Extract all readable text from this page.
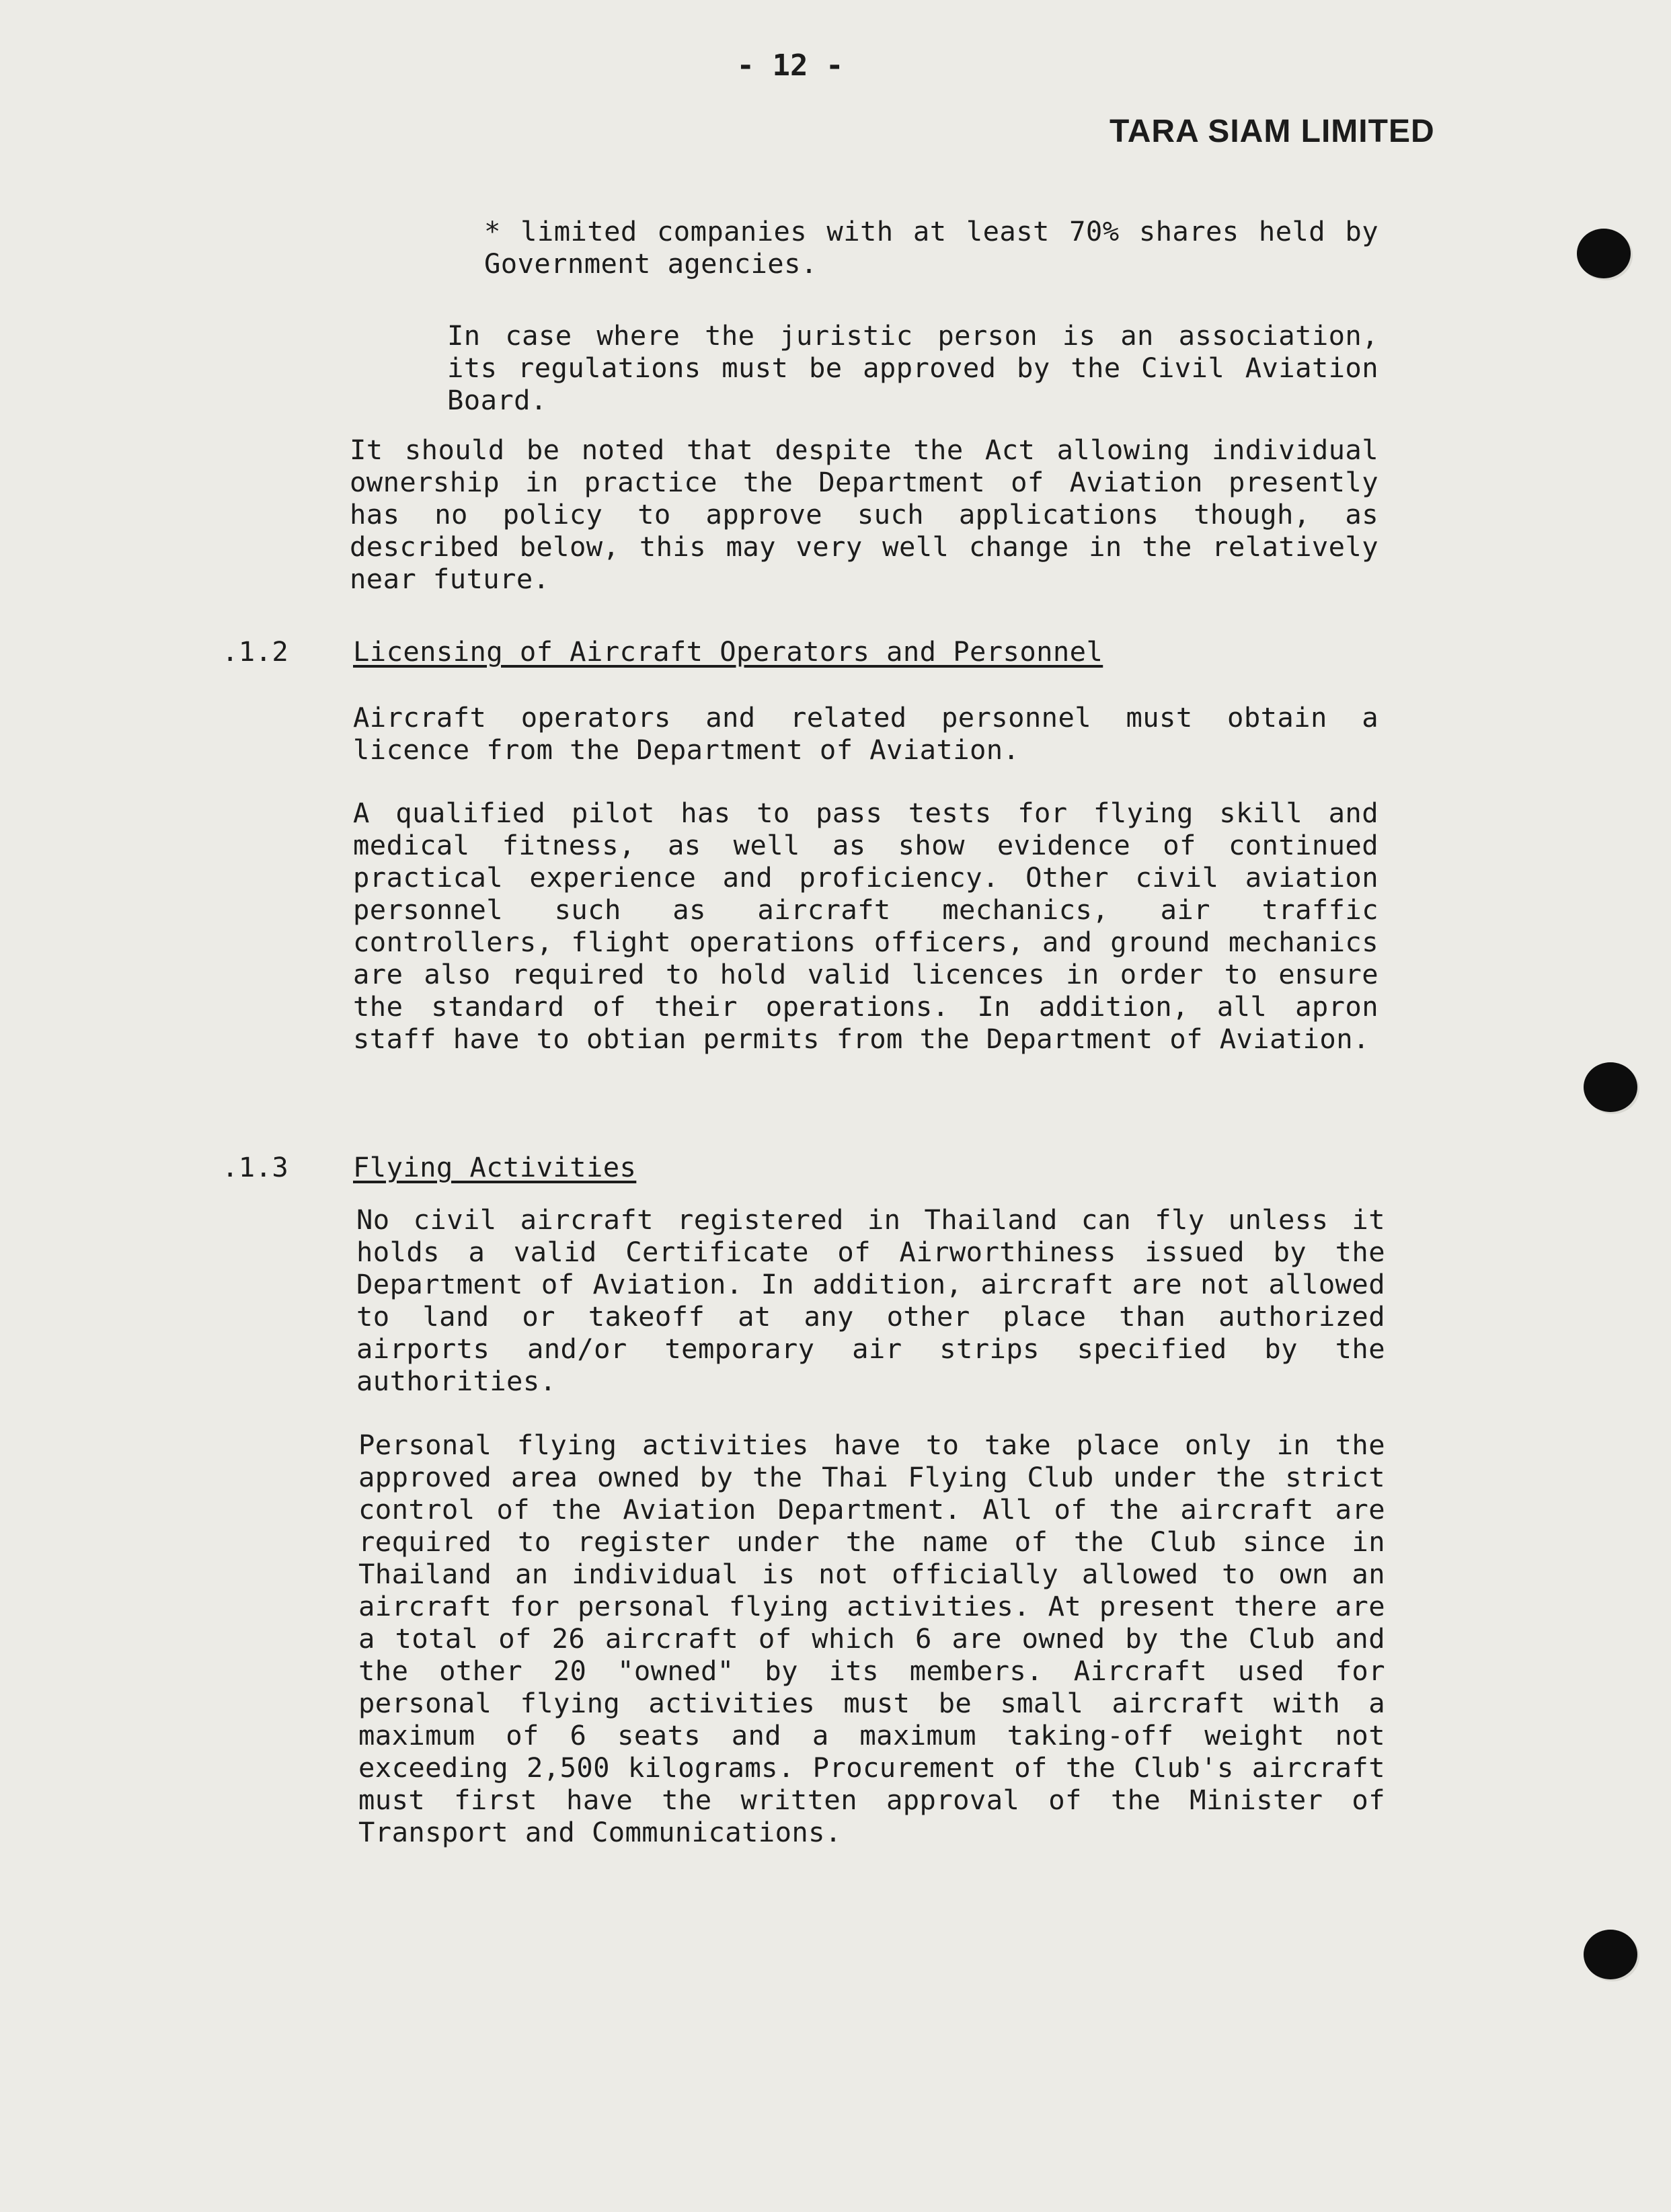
- 12 -
TARA SIAM LIMITED

* limited companies with at least 70% shares held by Government agencies.

In case where the juristic person is an association, its regulations must be approved by the Civil Aviation Board.

It should be noted that despite the Act allowing individual ownership in practice the Department of Aviation presently has no policy to approve such applications though, as described below, this may very well change in the relatively near future.

.1.2 Licensing of Aircraft Operators and Personnel

Aircraft operators and related personnel must obtain a licence from the Department of Aviation.

A qualified pilot has to pass tests for flying skill and medical fitness, as well as show evidence of continued practical experience and proficiency. Other civil aviation personnel such as aircraft mechanics, air traffic controllers, flight operations officers, and ground mechanics are also required to hold valid licences in order to ensure the standard of their operations. In addition, all apron staff have to obtian permits from the Department of Aviation.

.1.3 Flying Activities

No civil aircraft registered in Thailand can fly unless it holds a valid Certificate of Airworthiness issued by the Department of Aviation. In addition, aircraft are not allowed to land or takeoff at any other place than authorized airports and/or temporary air strips specified by the authorities.

Personal flying activities have to take place only in the approved area owned by the Thai Flying Club under the strict control of the Aviation Department. All of the aircraft are required to register under the name of the Club since in Thailand an individual is not officially allowed to own an aircraft for personal flying activities. At present there are a total of 26 aircraft of which 6 are owned by the Club and the other 20 "owned" by its members. Aircraft used for personal flying activities must be small aircraft with a maximum of 6 seats and a maximum taking-off weight not exceeding 2,500 kilograms. Procurement of the Club's aircraft must first have the written approval of the Minister of Transport and Communications.
